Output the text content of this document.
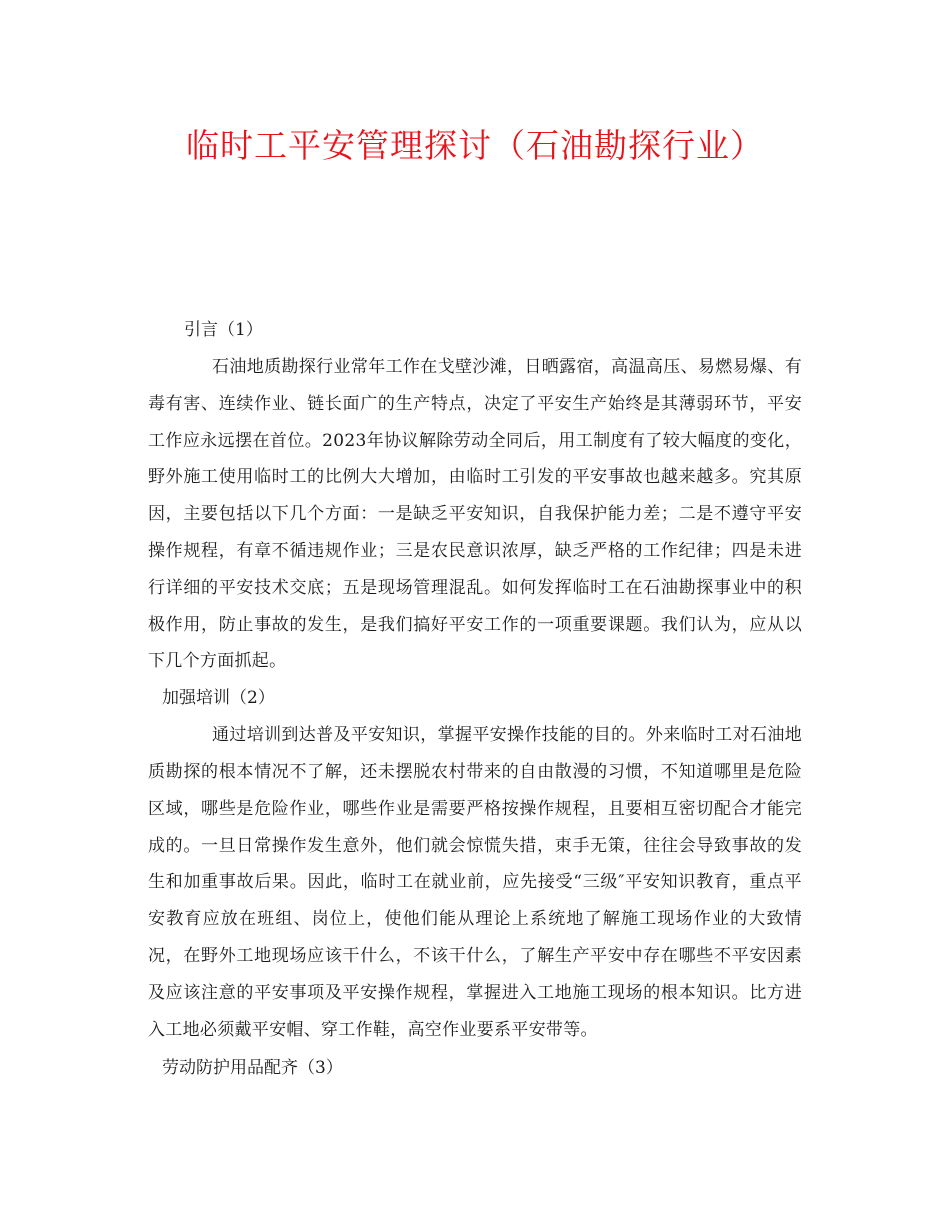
临时工平安管理探讨（石油勘探行业）

引言（1）

石油地质勘探行业常年工作在戈壁沙滩，日晒露宿，高温高压、易燃易爆、有毒有害、连续作业、链长面广的生产特点，决定了平安生产始终是其薄弱环节，平安工作应永远摆在首位。2023年协议解除劳动全同后，用工制度有了较大幅度的变化，野外施工使用临时工的比例大大增加，由临时工引发的平安事故也越来越多。究其原因，主要包括以下几个方面：一是缺乏平安知识，自我保护能力差；二是不遵守平安操作规程，有章不循违规作业；三是农民意识浓厚，缺乏严格的工作纪律；四是未进行详细的平安技术交底；五是现场管理混乱。如何发挥临时工在石油勘探事业中的积极作用，防止事故的发生，是我们搞好平安工作的一项重要课题。我们认为，应从以下几个方面抓起。

加强培训（2）

通过培训到达普及平安知识，掌握平安操作技能的目的。外来临时工对石油地质勘探的根本情况不了解，还未摆脱农村带来的自由散漫的习惯，不知道哪里是危险区域，哪些是危险作业，哪些作业是需要严格按操作规程，且要相互密切配合才能完成的。一旦日常操作发生意外，他们就会惊慌失措，束手无策，往往会导致事故的发生和加重事故后果。因此，临时工在就业前，应先接受“三级″平安知识教育，重点平安教育应放在班组、岗位上，使他们能从理论上系统地了解施工现场作业的大致情况，在野外工地现场应该干什么，不该干什么，了解生产平安中存在哪些不平安因素及应该注意的平安事项及平安操作规程，掌握进入工地施工现场的根本知识。比方进入工地必须戴平安帽、穿工作鞋，高空作业要系平安带等。

劳动防护用品配齐（3）
